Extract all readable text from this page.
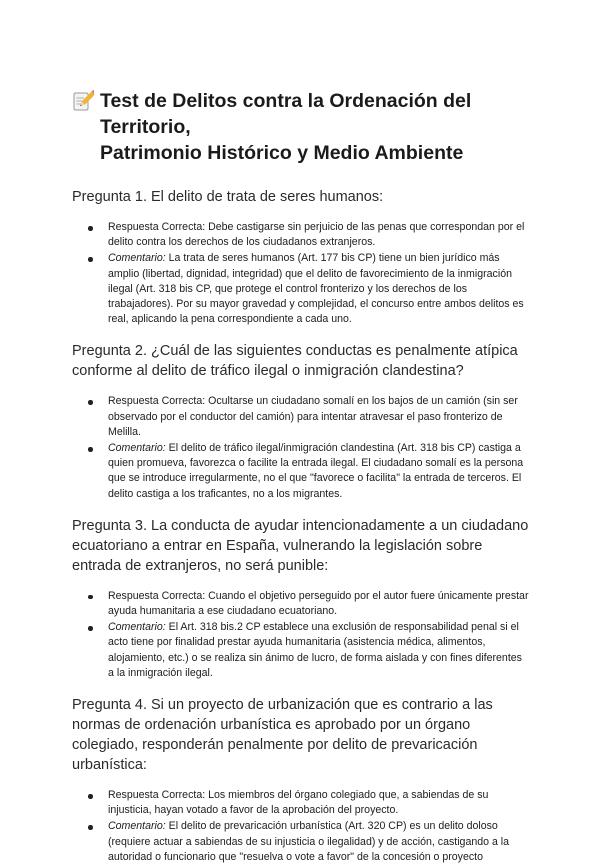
Test de Delitos contra la Ordenación del Territorio,
Patrimonio Histórico y Medio Ambiente
Pregunta 1. El delito de trata de seres humanos:
Respuesta Correcta: Debe castigarse sin perjuicio de las penas que correspondan por el delito contra los derechos de los ciudadanos extranjeros.
Comentario: La trata de seres humanos (Art. 177 bis CP) tiene un bien jurídico más amplio (libertad, dignidad, integridad) que el delito de favorecimiento de la inmigración ilegal (Art. 318 bis CP, que protege el control fronterizo y los derechos de los trabajadores). Por su mayor gravedad y complejidad, el concurso entre ambos delitos es real, aplicando la pena correspondiente a cada uno.
Pregunta 2. ¿Cuál de las siguientes conductas es penalmente atípica conforme al delito de tráfico ilegal o inmigración clandestina?
Respuesta Correcta: Ocultarse un ciudadano somalí en los bajos de un camión (sin ser observado por el conductor del camión) para intentar atravesar el paso fronterizo de Melilla.
Comentario: El delito de tráfico ilegal/inmigración clandestina (Art. 318 bis CP) castiga a quien promueva, favorezca o facilite la entrada ilegal. El ciudadano somalí es la persona que se introduce irregularmente, no el que "favorece o facilita" la entrada de terceros. El delito castiga a los traficantes, no a los migrantes.
Pregunta 3. La conducta de ayudar intencionadamente a un ciudadano ecuatoriano a entrar en España, vulnerando la legislación sobre entrada de extranjeros, no será punible:
Respuesta Correcta: Cuando el objetivo perseguido por el autor fuere únicamente prestar ayuda humanitaria a ese ciudadano ecuatoriano.
Comentario: El Art. 318 bis.2 CP establece una exclusión de responsabilidad penal si el acto tiene por finalidad prestar ayuda humanitaria (asistencia médica, alimentos, alojamiento, etc.) o se realiza sin ánimo de lucro, de forma aislada y con fines diferentes a la inmigración ilegal.
Pregunta 4. Si un proyecto de urbanización que es contrario a las normas de ordenación urbanística es aprobado por un órgano colegiado, responderán penalmente por delito de prevaricación urbanística:
Respuesta Correcta: Los miembros del órgano colegiado que, a sabiendas de su injusticia, hayan votado a favor de la aprobación del proyecto.
Comentario: El delito de prevaricación urbanística (Art. 320 CP) es un delito doloso (requiere actuar a sabiendas de su injusticia o ilegalidad) y de acción, castigando a la autoridad o funcionario que "resuelva o vote a favor" de la concesión o proyecto
